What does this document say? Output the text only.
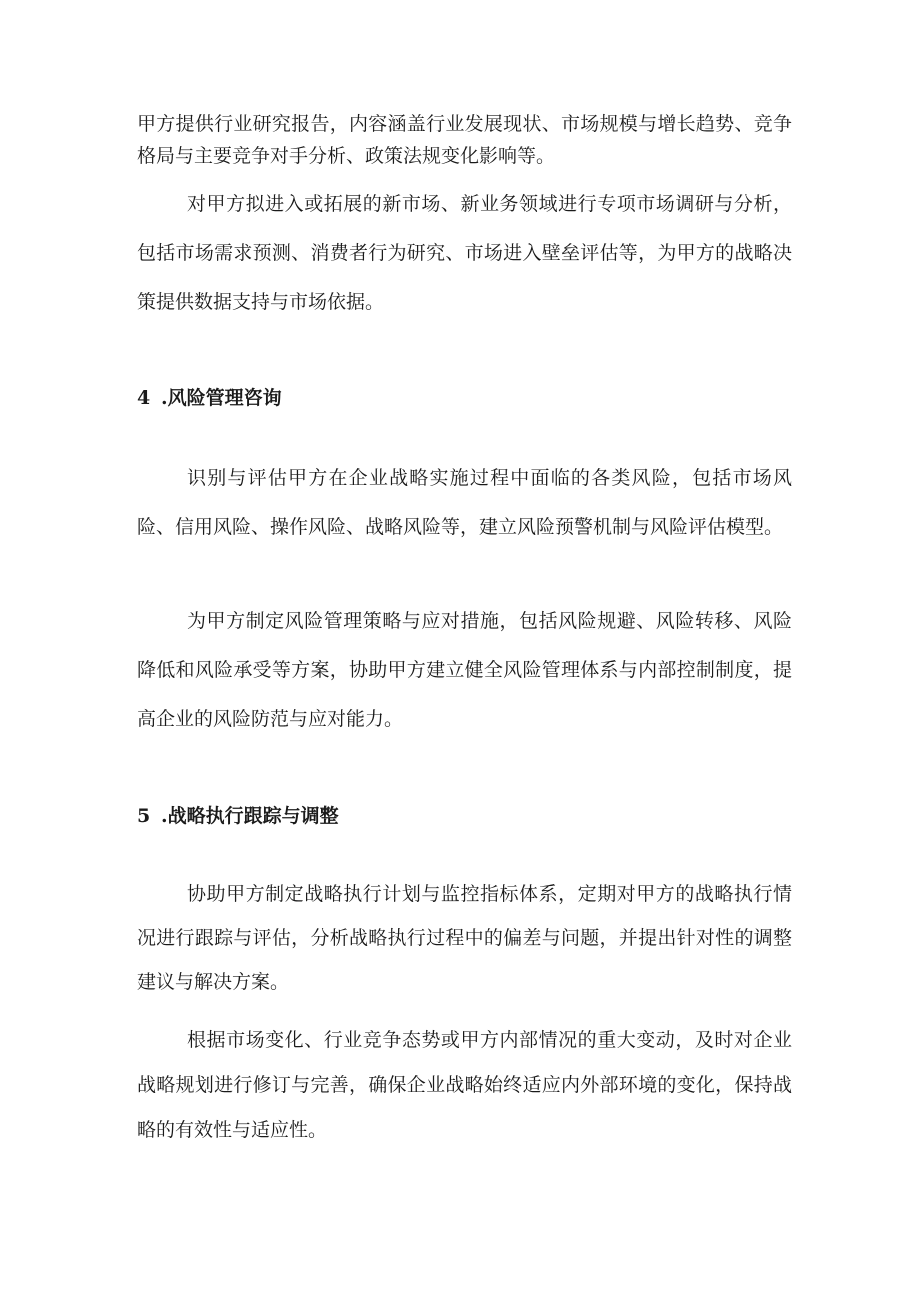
甲方提供行业研究报告，内容涵盖行业发展现状、市场规模与增长趋势、竞争格局与主要竞争对手分析、政策法规变化影响等。

对甲方拟进入或拓展的新市场、新业务领域进行专项市场调研与分析，包括市场需求预测、消费者行为研究、市场进入壁垒评估等，为甲方的战略决策提供数据支持与市场依据。

4 .风险管理咨询

识别与评估甲方在企业战略实施过程中面临的各类风险，包括市场风险、信用风险、操作风险、战略风险等，建立风险预警机制与风险评估模型。

为甲方制定风险管理策略与应对措施，包括风险规避、风险转移、风险降低和风险承受等方案，协助甲方建立健全风险管理体系与内部控制制度，提高企业的风险防范与应对能力。

5 .战略执行跟踪与调整

协助甲方制定战略执行计划与监控指标体系，定期对甲方的战略执行情况进行跟踪与评估，分析战略执行过程中的偏差与问题，并提出针对性的调整建议与解决方案。

根据市场变化、行业竞争态势或甲方内部情况的重大变动，及时对企业战略规划进行修订与完善，确保企业战略始终适应内外部环境的变化，保持战略的有效性与适应性。
